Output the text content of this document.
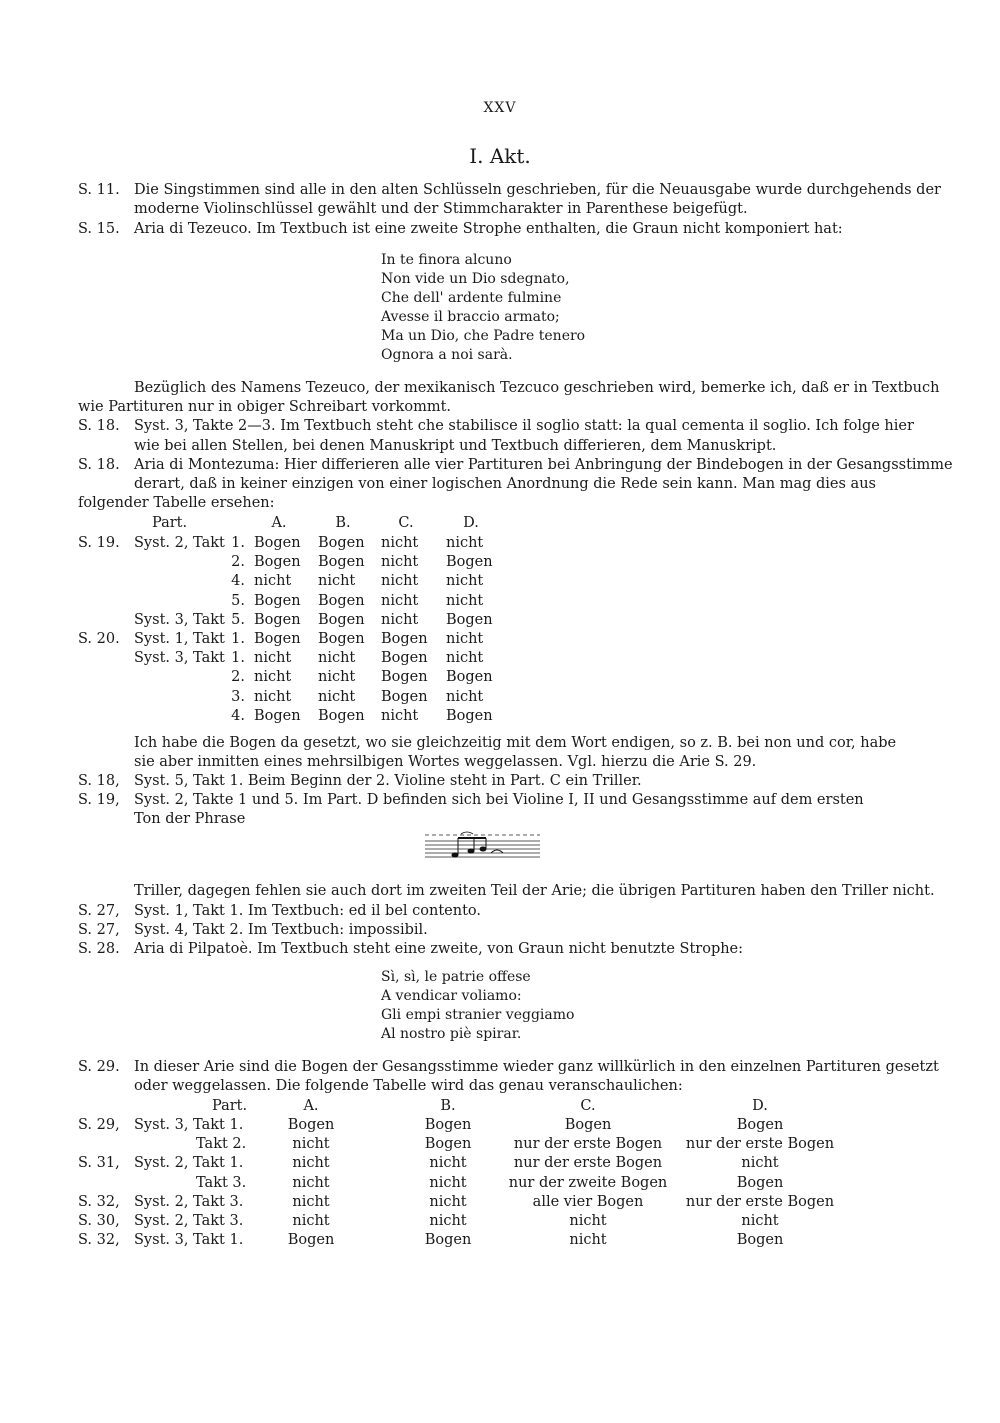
XXV
I. Akt.
S. 11. Die Singstimmen sind alle in den alten Schlüsseln geschrieben, für die Neuausgabe wurde durchgehends der
moderne Violinschlüssel gewählt und der Stimmcharakter in Parenthese beigefügt.
S. 15. Aria di Tezeuco. Im Textbuch ist eine zweite Strophe enthalten, die Graun nicht komponiert hat:
In te finora alcuno
Non vide un Dio sdegnato,
Che dell' ardente fulmine
Avesse il braccio armato;
Ma un Dio, che Padre tenero
Ognora a noi sarà.
Bezüglich des Namens Tezeuco, der mexikanisch Tezcuco geschrieben wird, bemerke ich, daß er in Textbuch
wie Partituren nur in obiger Schreibart vorkommt.
S. 18. Syst. 3, Takte 2—3. Im Textbuch steht che stabilisce il soglio statt: la qual cementa il soglio. Ich folge hier
wie bei allen Stellen, bei denen Manuskript und Textbuch differieren, dem Manuskript.
S. 18. Aria di Montezuma: Hier differieren alle vier Partituren bei Anbringung der Bindebogen in der Gesangsstimme
derart, daß in keiner einzigen von einer logischen Anordnung die Rede sein kann. Man mag dies aus
folgender Tabelle ersehen:
Part.	A.	B.	C.	D.
S. 19. Syst. 2, Takt 1. Bogen	Bogen	nicht	nicht
2. Bogen	Bogen	nicht	Bogen
4. nicht	nicht	nicht	nicht
5. Bogen	Bogen	nicht	nicht
Syst. 3, Takt 5. Bogen	Bogen	nicht	Bogen
S. 20. Syst. 1, Takt 1. Bogen	Bogen	Bogen	nicht
Syst. 3, Takt 1. nicht	nicht	Bogen	nicht
2. nicht	nicht	Bogen	Bogen
3. nicht	nicht	Bogen	nicht
4. Bogen	Bogen	nicht	Bogen
Ich habe die Bogen da gesetzt, wo sie gleichzeitig mit dem Wort endigen, so z. B. bei non und cor, habe
sie aber inmitten eines mehrsilbigen Wortes weggelassen. Vgl. hierzu die Arie S. 29.
S. 18, Syst. 5, Takt 1. Beim Beginn der 2. Violine steht in Part. C ein Triller.
S. 19, Syst. 2, Takte 1 und 5. Im Part. D befinden sich bei Violine I, II und Gesangsstimme auf dem ersten
Ton der Phrase
Triller, dagegen fehlen sie auch dort im zweiten Teil der Arie; die übrigen Partituren haben den Triller nicht.
S. 27, Syst. 1, Takt 1. Im Textbuch: ed il bel contento.
S. 27, Syst. 4, Takt 2. Im Textbuch: impossibil.
S. 28. Aria di Pilpatoè. Im Textbuch steht eine zweite, von Graun nicht benutzte Strophe:
Sì, sì, le patrie offese
A vendicar voliamo:
Gli empi stranier veggiamo
Al nostro piè spirar.
S. 29. In dieser Arie sind die Bogen der Gesangsstimme wieder ganz willkürlich in den einzelnen Partituren gesetzt
oder weggelassen. Die folgende Tabelle wird das genau veranschaulichen:
Part.	A.	B.	C.	D.
S. 29, Syst. 3, Takt 1.	Bogen	Bogen	Bogen	Bogen
Takt 2.	nicht	Bogen	nur der erste Bogen	nur der erste Bogen
S. 31, Syst. 2, Takt 1.	nicht	nicht	nur der erste Bogen	nicht
Takt 3.	nicht	nicht	nur der zweite Bogen	Bogen
S. 32, Syst. 2, Takt 3.	nicht	nicht	alle vier Bogen	nur der erste Bogen
S. 30, Syst. 2, Takt 3.	nicht	nicht	nicht	nicht
S. 32, Syst. 3, Takt 1.	Bogen	Bogen	nicht	Bogen
